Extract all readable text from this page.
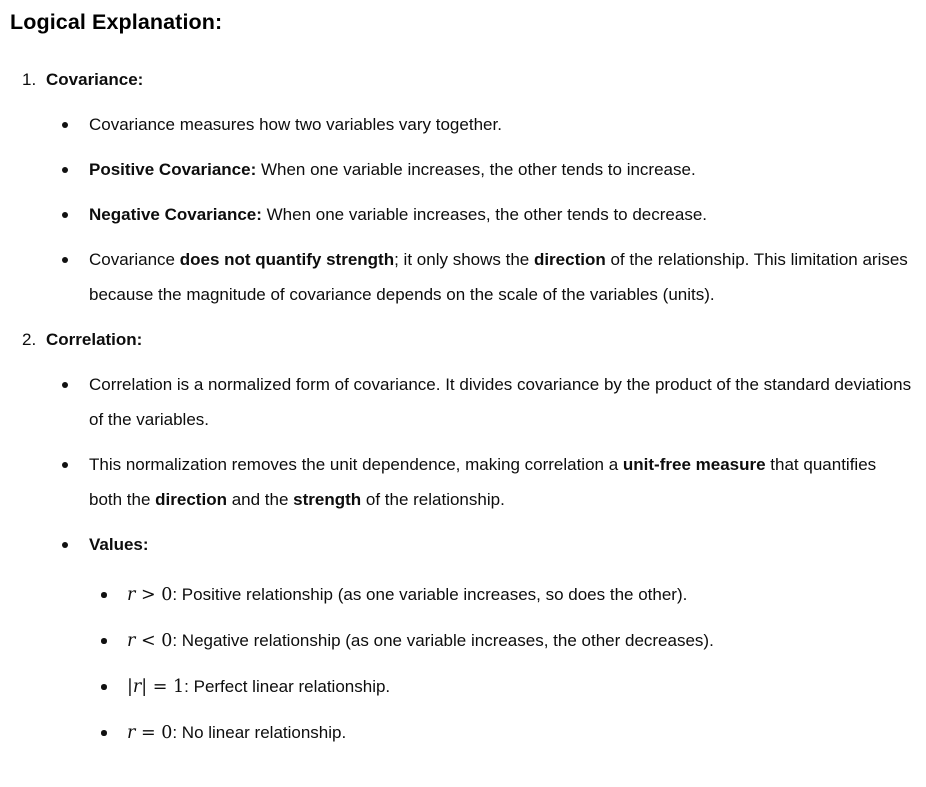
Logical Explanation:
1. Covariance:
Covariance measures how two variables vary together.
Positive Covariance: When one variable increases, the other tends to increase.
Negative Covariance: When one variable increases, the other tends to decrease.
Covariance does not quantify strength; it only shows the direction of the relationship. This limitation arises because the magnitude of covariance depends on the scale of the variables (units).
2. Correlation:
Correlation is a normalized form of covariance. It divides covariance by the product of the standard deviations of the variables.
This normalization removes the unit dependence, making correlation a unit-free measure that quantifies both the direction and the strength of the relationship.
Values:
r > 0: Positive relationship (as one variable increases, so does the other).
r < 0: Negative relationship (as one variable increases, the other decreases).
|r| = 1: Perfect linear relationship.
r = 0: No linear relationship.
